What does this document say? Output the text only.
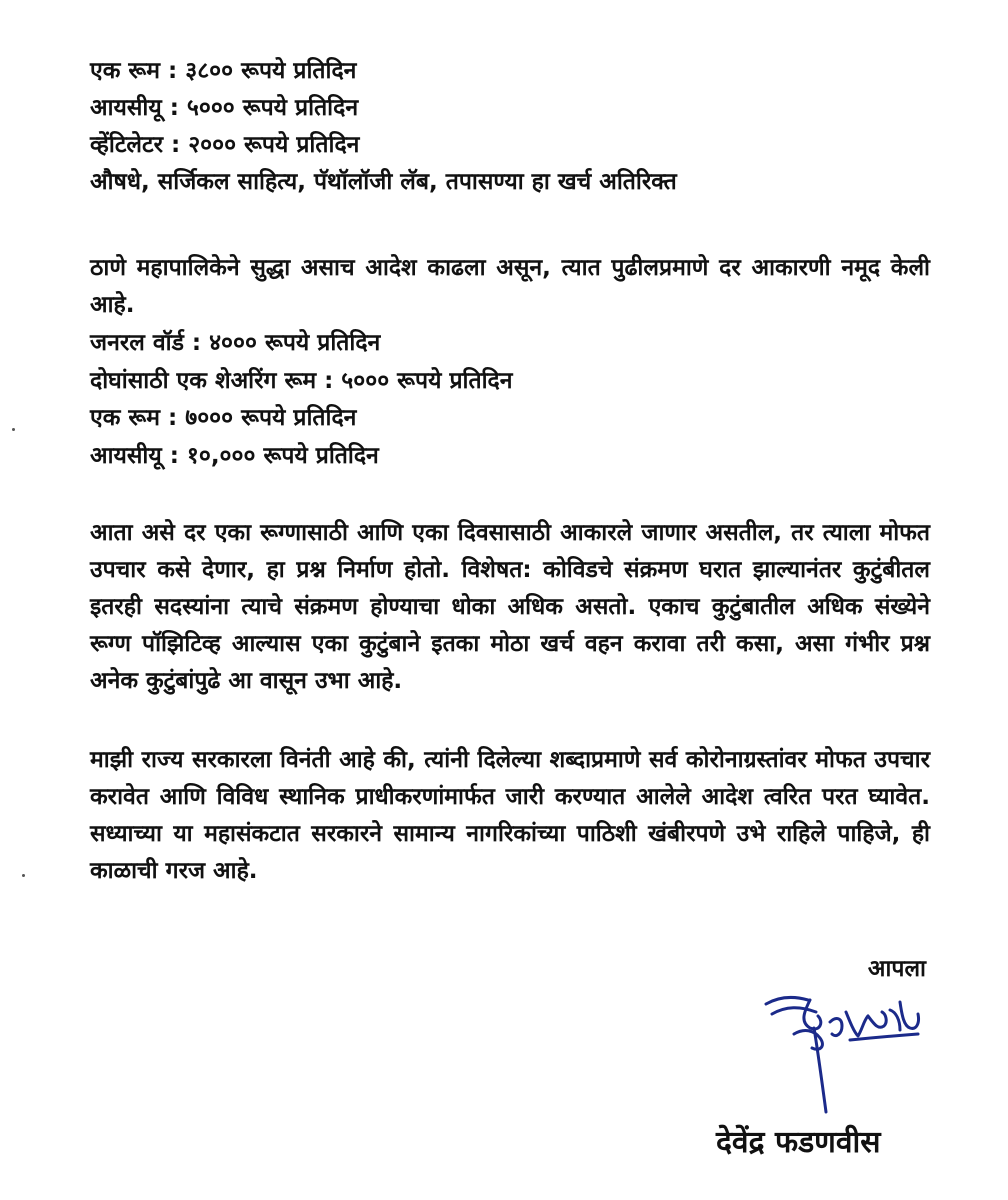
एक रूम : ३८०० रूपये प्रतिदिन
आयसीयू : ५००० रूपये प्रतिदिन
व्हेंटिलेटर : २००० रूपये प्रतिदिन
औषधे, सर्जिकल साहित्य, पॅथॉलॉजी लॅब, तपासण्या हा खर्च अतिरिक्त
ठाणे महापालिकेने सुद्धा असाच आदेश काढला असून, त्यात पुढीलप्रमाणे दर आकारणी नमूद केली आहे.
जनरल वॉर्ड : ४००० रूपये प्रतिदिन
दोघांसाठी एक शेअरिंग रूम : ५००० रूपये प्रतिदिन
एक रूम : ७००० रूपये प्रतिदिन
आयसीयू : १०,००० रूपये प्रतिदिन
आता असे दर एका रूग्णासाठी आणि एका दिवसासाठी आकारले जाणार असतील, तर त्याला मोफत उपचार कसे देणार, हा प्रश्न निर्माण होतो. विशेषत: कोविडचे संक्रमण घरात झाल्यानंतर कुटुंबीतल इतरही सदस्यांना त्याचे संक्रमण होण्याचा धोका अधिक असतो. एकाच कुटुंबातील अधिक संख्येने रूग्ण पॉझिटिव्ह आल्यास एका कुटुंबाने इतका मोठा खर्च वहन करावा तरी कसा, असा गंभीर प्रश्न अनेक कुटुंबांपुढे आ वासून उभा आहे.
माझी राज्य सरकारला विनंती आहे की, त्यांनी दिलेल्या शब्दाप्रमाणे सर्व कोरोनाग्रस्तांवर मोफत उपचार करावेत आणि विविध स्थानिक प्राधीकरणांमार्फत जारी करण्यात आलेले आदेश त्वरित परत घ्यावेत. सध्याच्या या महासंकटात सरकारने सामान्य नागरिकांच्या पाठिशी खंबीरपणे उभे राहिले पाहिजे, ही काळाची गरज आहे.
आपला
देवेंद्र फडणवीस
